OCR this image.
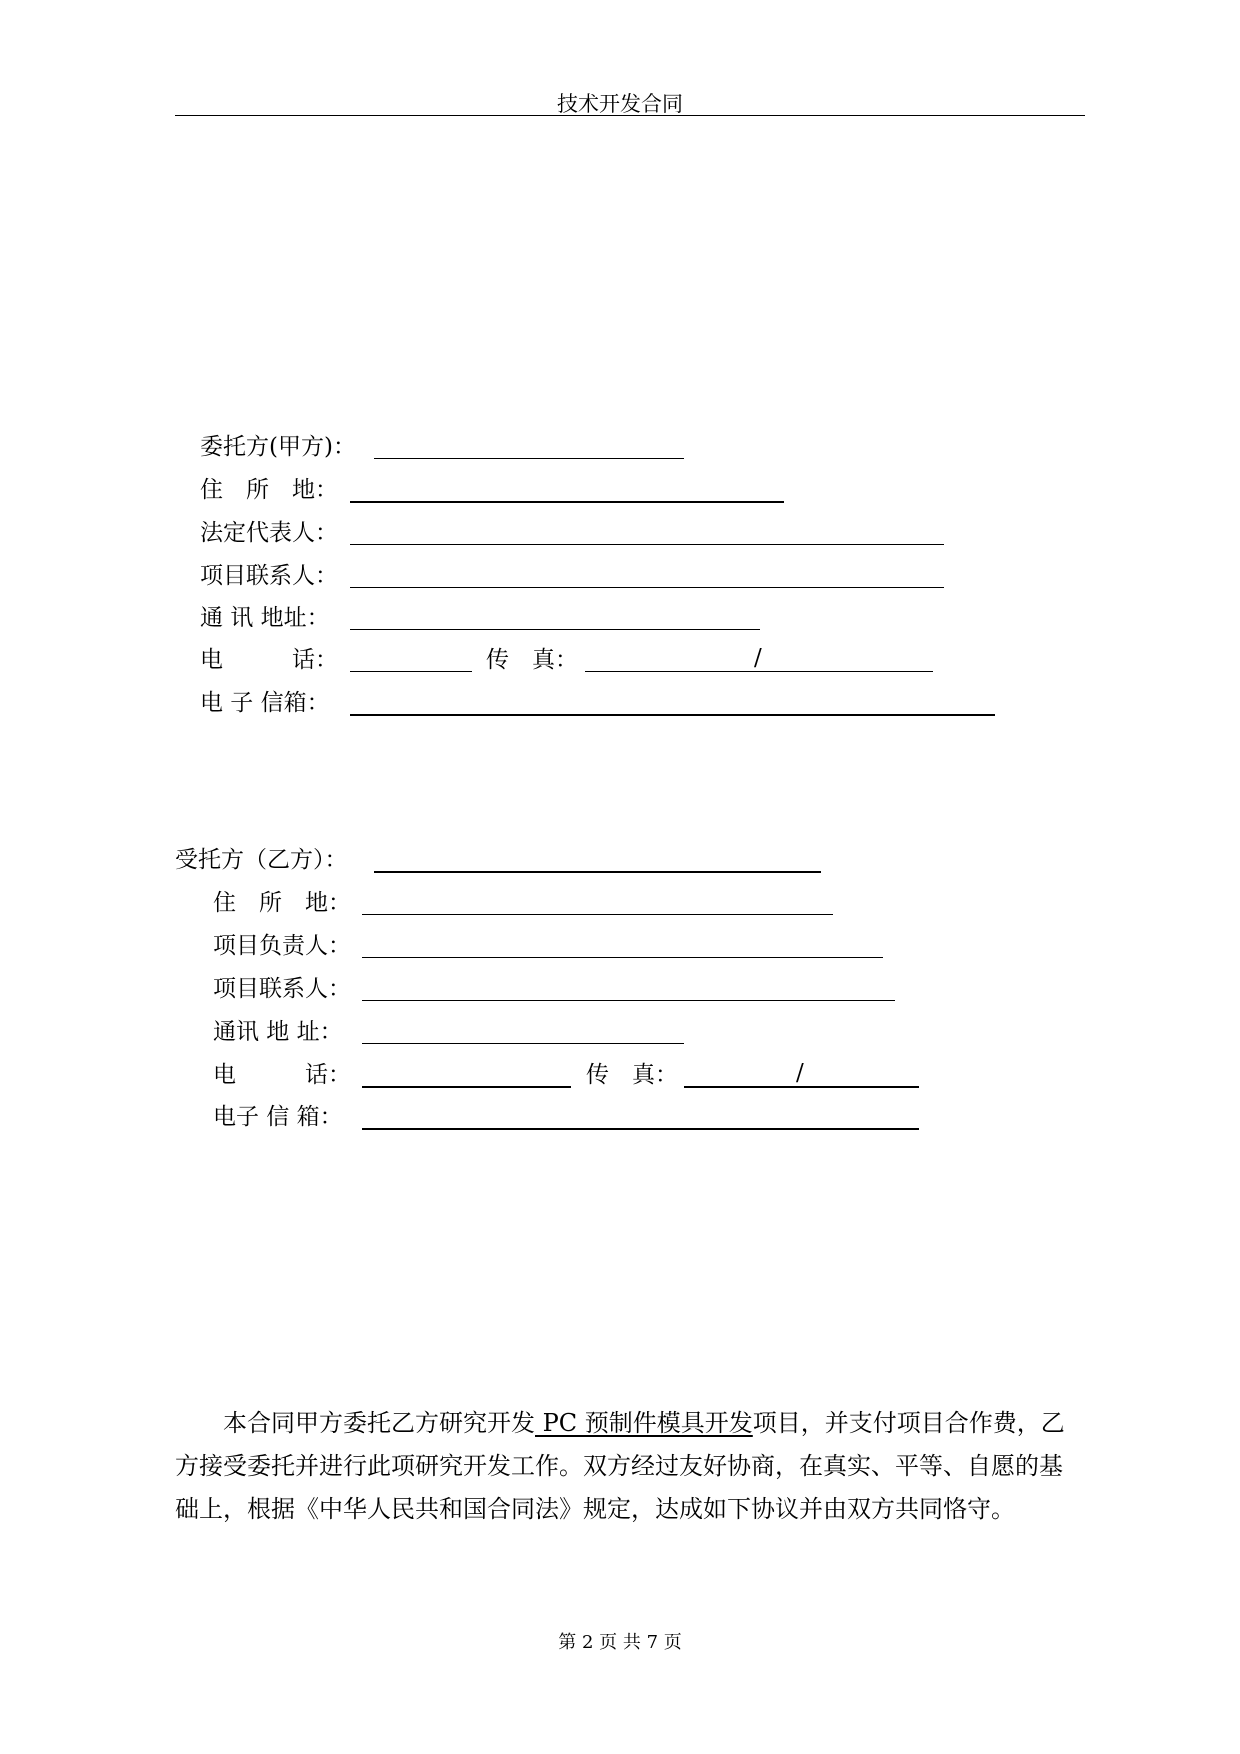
技术开发合同
委托方(甲方)：
住　所　地：
法定代表人：
项目联系人：
通 讯 地址：
电　　　话：	传　真：	/
电 子 信箱：
受托方（乙方）：
住　所　地：
项目负责人：
项目联系人：
通讯 地 址：
电　　　话：	传　真：	/
电子 信 箱：

本合同甲方委托乙方研究开发 PC 预制件模具开发项目，并支付项目合作费，乙方接受委托并进行此项研究开发工作。双方经过友好协商，在真实、平等、自愿的基础上，根据《中华人民共和国合同法》规定，达成如下协议并由双方共同恪守。

第 2 页 共 7 页
